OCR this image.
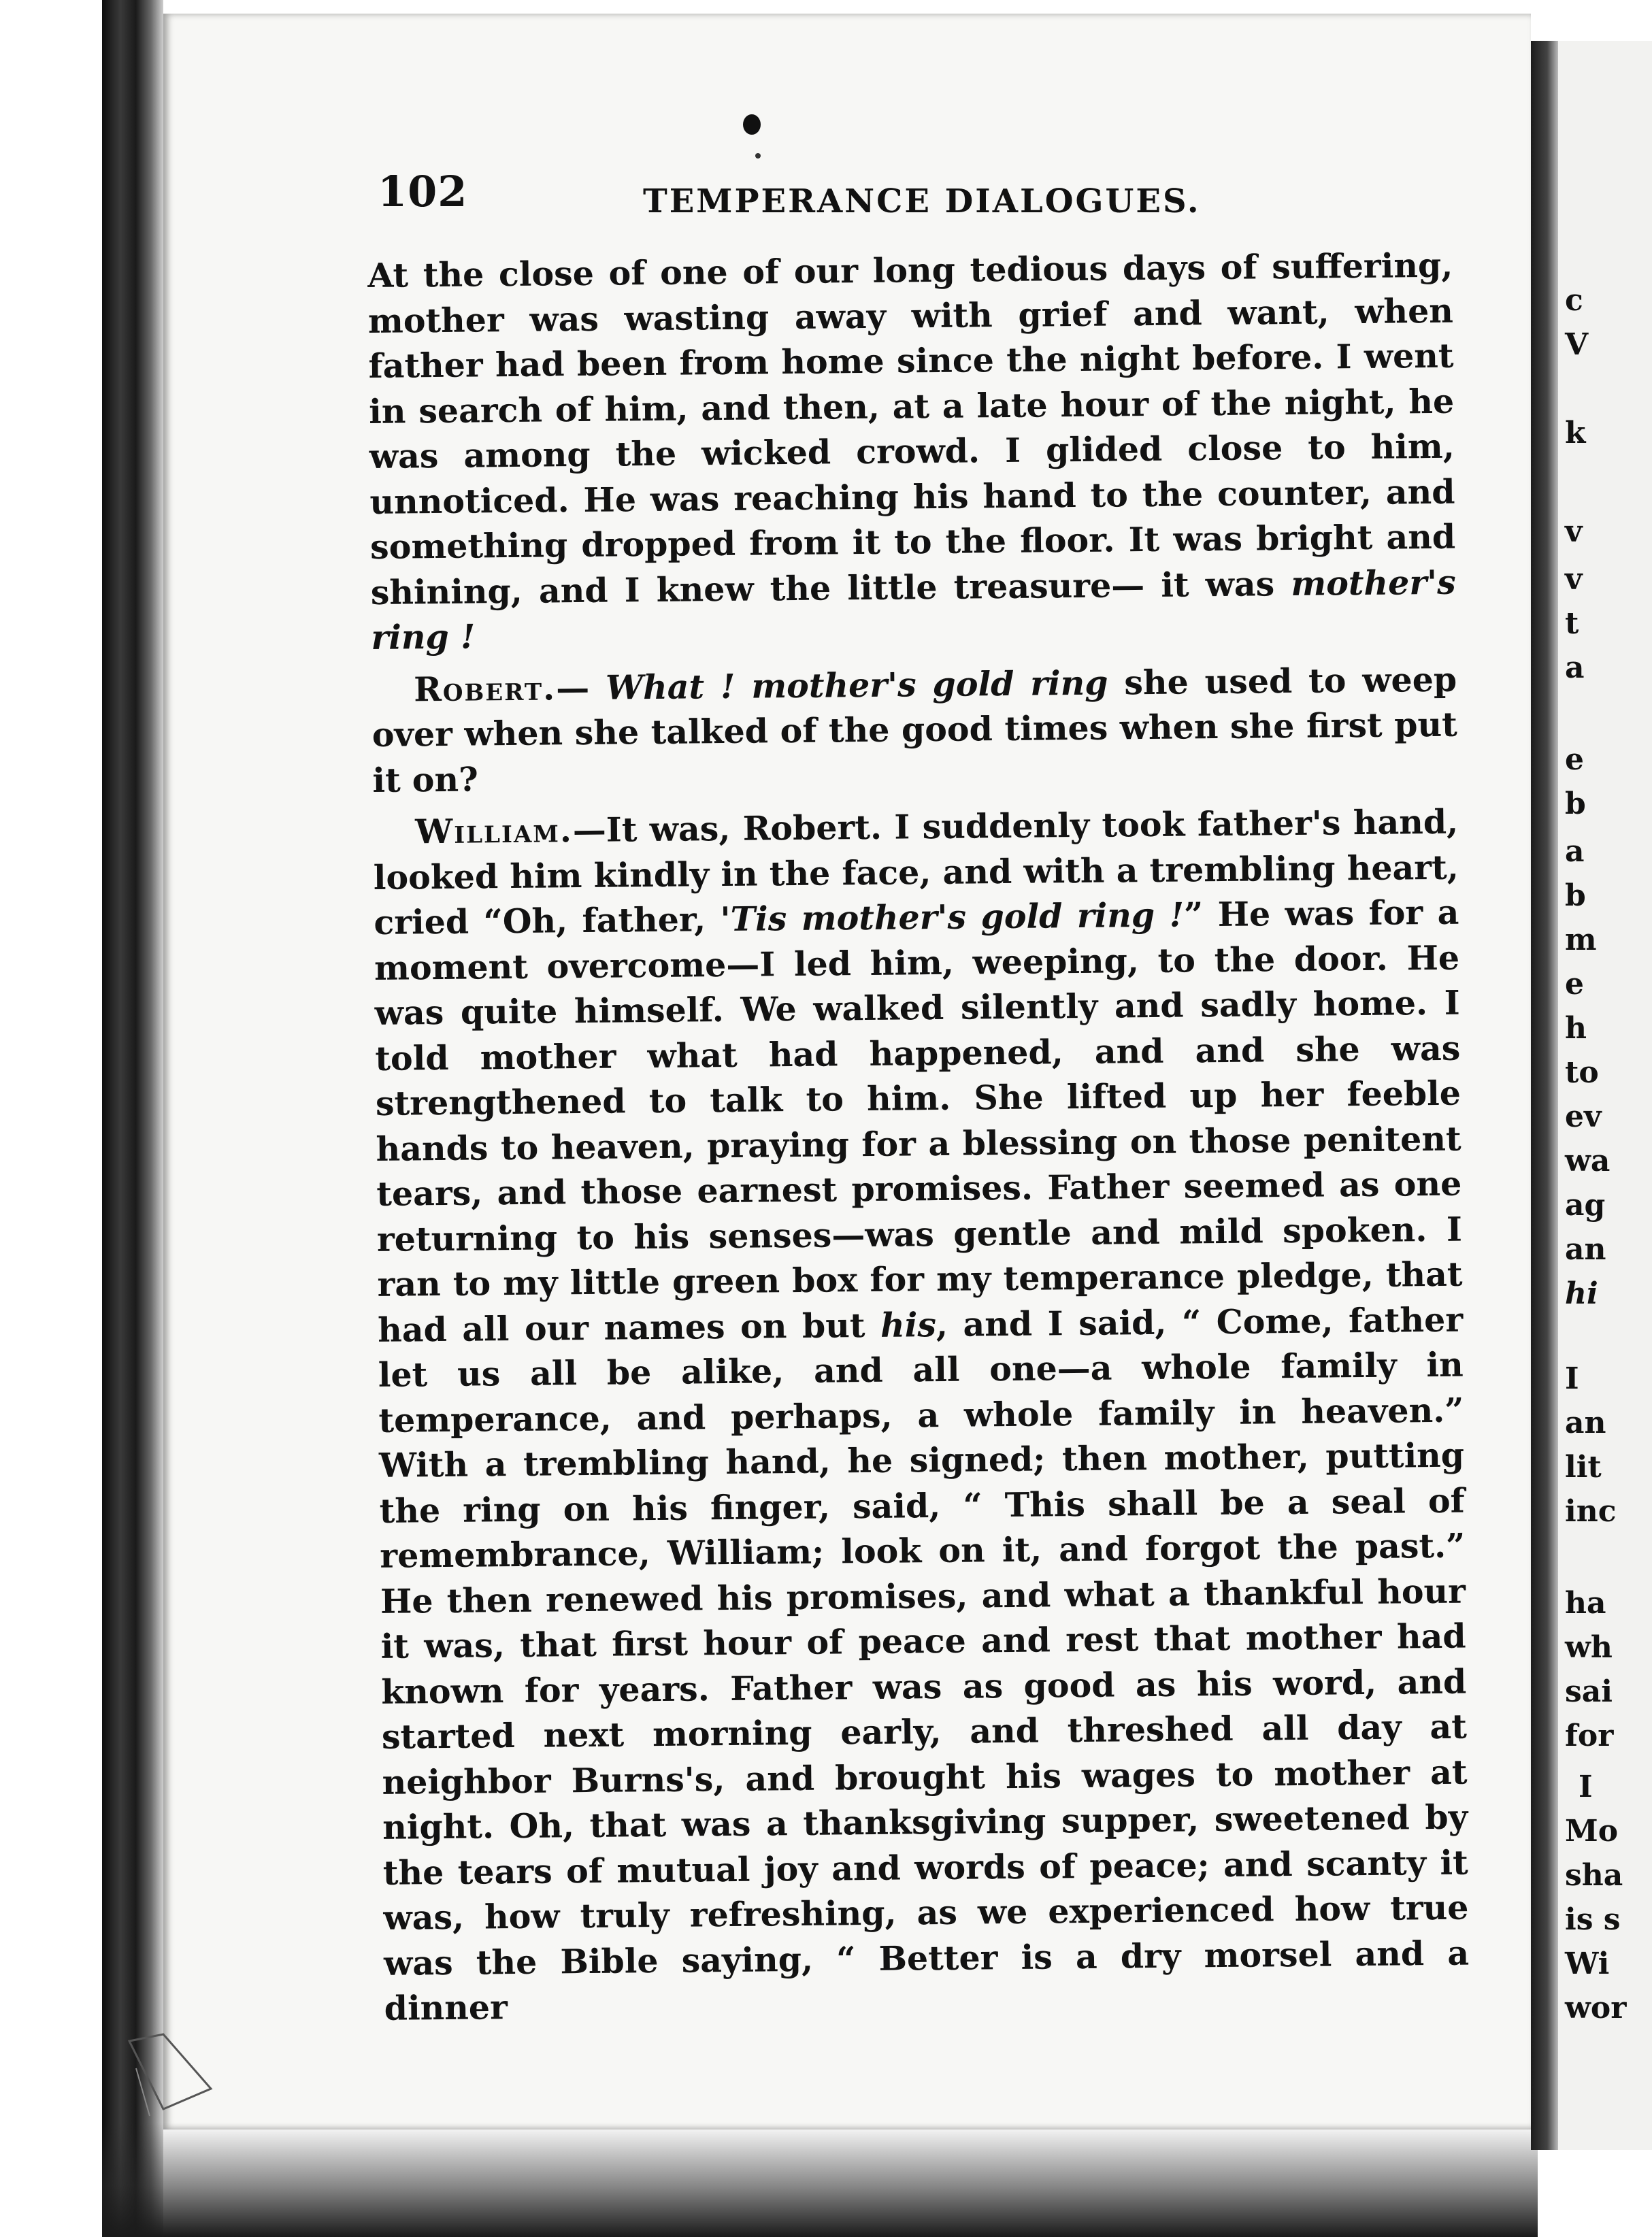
102	TEMPERANCE DIALOGUES.

At the close of one of our long tedious days of suffering, mother was wasting away with grief and want, when father had been from home since the night before. I went in search of him, and then, at a late hour of the night, he was among the wicked crowd. I glided close to him, unnoticed. He was reaching his hand to the counter, and something dropped from it to the floor. It was bright and shining, and I knew the little treasure— it was mother's ring !

Robert.— What ! mother's gold ring she used to weep over when she talked of the good times when she first put it on?

William.—It was, Robert. I suddenly took father's hand, looked him kindly in the face, and with a trembling heart, cried “Oh, father, 'Tis mother's gold ring !” He was for a moment overcome—I led him, weeping, to the door. He was quite himself. We walked silently and sadly home. I told mother what had happened, and and she was strengthened to talk to him. She lifted up her feeble hands to heaven, praying for a blessing on those penitent tears, and those earnest promises. Father seemed as one returning to his senses—was gentle and mild spoken. I ran to my little green box for my temperance pledge, that had all our names on but his, and I said, “ Come, father let us all be alike, and all one—a whole family in temperance, and perhaps, a whole family in heaven.” With a trembling hand, he signed; then mother, putting the ring on his finger, said, “ This shall be a seal of remembrance, William; look on it, and forgot the past.” He then renewed his promises, and what a thankful hour it was, that first hour of peace and rest that mother had known for years. Father was as good as his word, and started next morning early, and threshed all day at neighbor Burns's, and brought his wages to mother at night. Oh, that was a thanksgiving supper, sweetened by the tears of mutual joy and words of peace; and scanty it was, how truly refreshing, as we experienced how true was the Bible saying, “ Better is a dry morsel and a dinner

c
V
k
v
v
t
a
e
b
a
b
m
e
h
to
ev
wa
ag
an
hi
I
an
lit
inc
ha
wh
sai
for
I
Mo
sha
is s
Wi
wor
